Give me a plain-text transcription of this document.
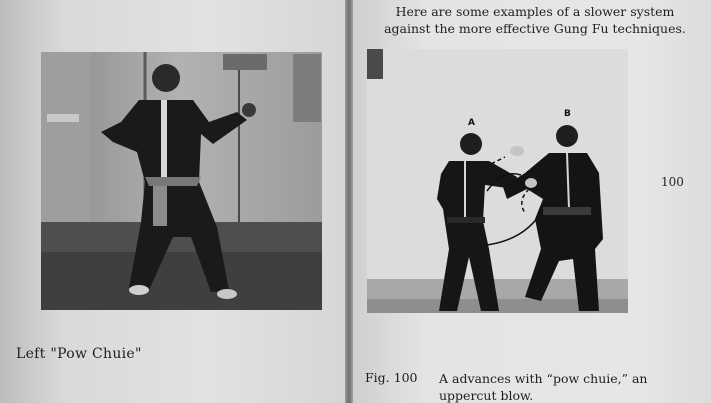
Left "Pow Chuie"
Here are some examples of a slower system
against the more effective Gung Fu techniques.
A
B
100
Fig. 100 A advances with “pow chuie,” an
uppercut blow.
